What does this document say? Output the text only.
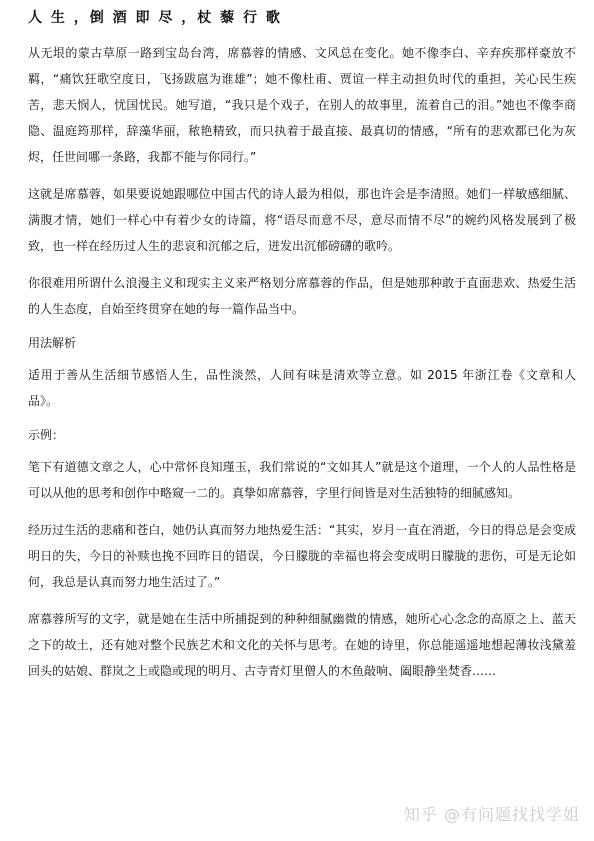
人 生 ，倒 酒 即 尽 ，杖 藜 行 歌
从无垠的蒙古草原一路到宝岛台湾，席慕蓉的情感、文风总在变化。她不像李白、辛弃疾那样豪放不羁，“痛饮狂歌空度日，飞扬跋扈为谁雄”；她不像杜甫、贾谊一样主动担负时代的重担，关心民生疾苦，悲天悯人，忧国忧民。她写道，“我只是个戏子，在别人的故事里，流着自己的泪。”她也不像李商隐、温庭筠那样，辞藻华丽，秾艳精致，而只执着于最直接、最真切的情感，“所有的悲欢都已化为灰烬，任世间哪一条路，我都不能与你同行。”
这就是席慕蓉，如果要说她跟哪位中国古代的诗人最为相似，那也许会是李清照。她们一样敏感细腻、满腹才情，她们一样心中有着少女的诗篇，将“语尽而意不尽，意尽而情不尽”的婉约风格发展到了极致，也一样在经历过人生的悲哀和沉郁之后，迸发出沉郁磅礴的歌吟。
你很难用所谓什么浪漫主义和现实主义来严格划分席慕蓉的作品，但是她那种敢于直面悲欢、热爱生活的人生态度，自始至终贯穿在她的每一篇作品当中。
用法解析
适用于善从生活细节感悟人生，品性淡然，人间有味是清欢等立意。如 2015 年浙江卷《文章和人品》。
示例：
笔下有道德文章之人，心中常怀良知瑾玉，我们常说的“文如其人”就是这个道理，一个人的人品性格是可以从他的思考和创作中略窥一二的。真挚如席慕蓉，字里行间皆是对生活独特的细腻感知。
经历过生活的悲痛和苍白，她仍认真而努力地热爱生活：“其实，岁月一直在消逝，今日的得总是会变成明日的失，今日的补赎也挽不回昨日的错误，今日朦胧的幸福也将会变成明日朦胧的悲伤，可是无论如何，我总是认真而努力地生活过了。”
席慕蓉所写的文字，就是她在生活中所捕捉到的种种细腻幽微的情感，她所心心念念的高原之上、蓝天之下的故土，还有她对整个民族艺术和文化的关怀与思考。在她的诗里，你总能遥遥地想起薄妆浅黛羞回头的姑娘、群岚之上或隐或现的明月、古寺青灯里僧人的木鱼敲响、阖眼静坐焚香……
知乎 @有问题找找学姐
